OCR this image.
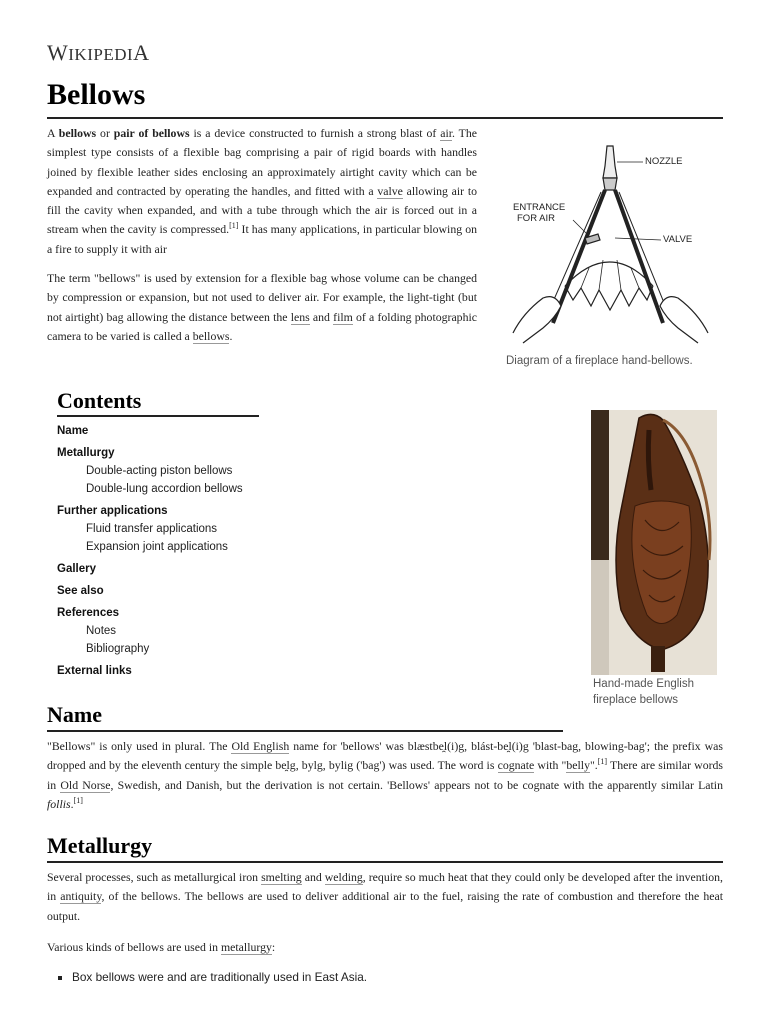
WIKIPEDIA
Bellows

A bellows or pair of bellows is a device constructed to furnish a strong blast of air. The simplest type consists of a flexible bag comprising a pair of rigid boards with handles joined by flexible leather sides enclosing an approximately airtight cavity which can be expanded and contracted by operating the handles, and fitted with a valve allowing air to fill the cavity when expanded, and with a tube through which the air is forced out in a stream when the cavity is compressed.[1] It has many applications, in particular blowing on a fire to supply it with air

The term "bellows" is used by extension for a flexible bag whose volume can be changed by compression or expansion, but not used to deliver air. For example, the light-tight (but not airtight) bag allowing the distance between the lens and film of a folding photographic camera to be varied is called a bellows.

NOZZLE
ENTRANCE
FOR AIR
VALVE
Diagram of a fireplace hand-bellows.
Contents
Name
Metallurgy
Double-acting piston bellows
Double-lung accordion bellows
Further applications
Fluid transfer applications
Expansion joint applications
Gallery
See also
References
Notes
Bibliography
External links
Hand-made English fireplace bellows
Name

"Bellows" is only used in plural. The Old English name for 'bellows' was blæstbe̯l(i)g, blást-be̯l(i)g 'blast-bag, blowing-bag'; the prefix was dropped and by the eleventh century the simple be̯lg, bylg, bylig ('bag') was used. The word is cognate with "belly".[1] There are similar words in Old Norse, Swedish, and Danish, but the derivation is not certain. 'Bellows' appears not to be cognate with the apparently similar Latin follis.[1]

Metallurgy

Several processes, such as metallurgical iron smelting and welding, require so much heat that they could only be developed after the invention, in antiquity, of the bellows. The bellows are used to deliver additional air to the fuel, raising the rate of combustion and therefore the heat output.

Various kinds of bellows are used in metallurgy:

Box bellows were and are traditionally used in East Asia.
